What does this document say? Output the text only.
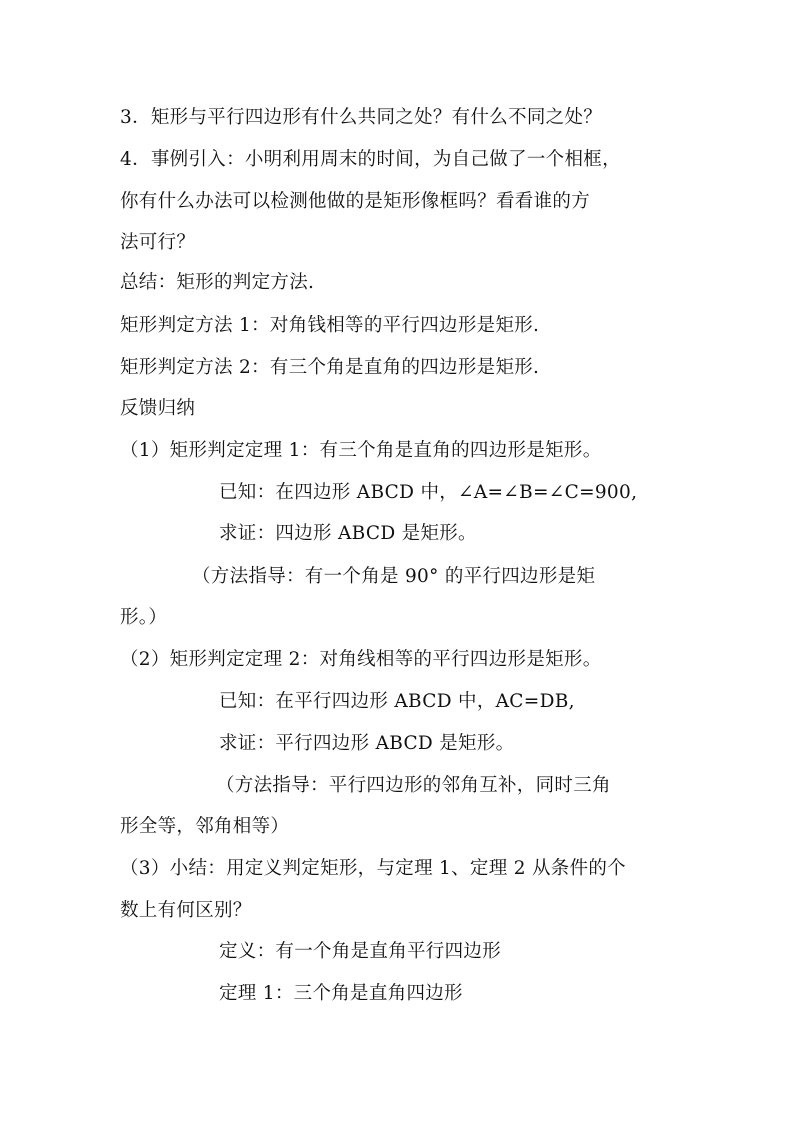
3．矩形与平行四边形有什么共同之处？有什么不同之处？
4．事例引入：小明利用周末的时间，为自己做了一个相框，
你有什么办法可以检测他做的是矩形像框吗？看看谁的方
法可行？
总结：矩形的判定方法.
矩形判定方法 1：对角钱相等的平行四边形是矩形.
矩形判定方法 2：有三个角是直角的四边形是矩形.
反馈归纳
（1）矩形判定定理 1：有三个角是直角的四边形是矩形。
已知：在四边形 ABCD 中，∠A=∠B=∠C=900,
求证：四边形 ABCD 是矩形。
（方法指导：有一个角是 90° 的平行四边形是矩
形。）
（2）矩形判定定理 2：对角线相等的平行四边形是矩形。
已知：在平行四边形 ABCD 中，AC=DB,
求证：平行四边形 ABCD 是矩形。
（方法指导：平行四边形的邻角互补，同时三角
形全等，邻角相等）
（3）小结：用定义判定矩形，与定理 1、定理 2 从条件的个
数上有何区别？
定义：有一个角是直角平行四边形
定理 1：三个角是直角四边形
